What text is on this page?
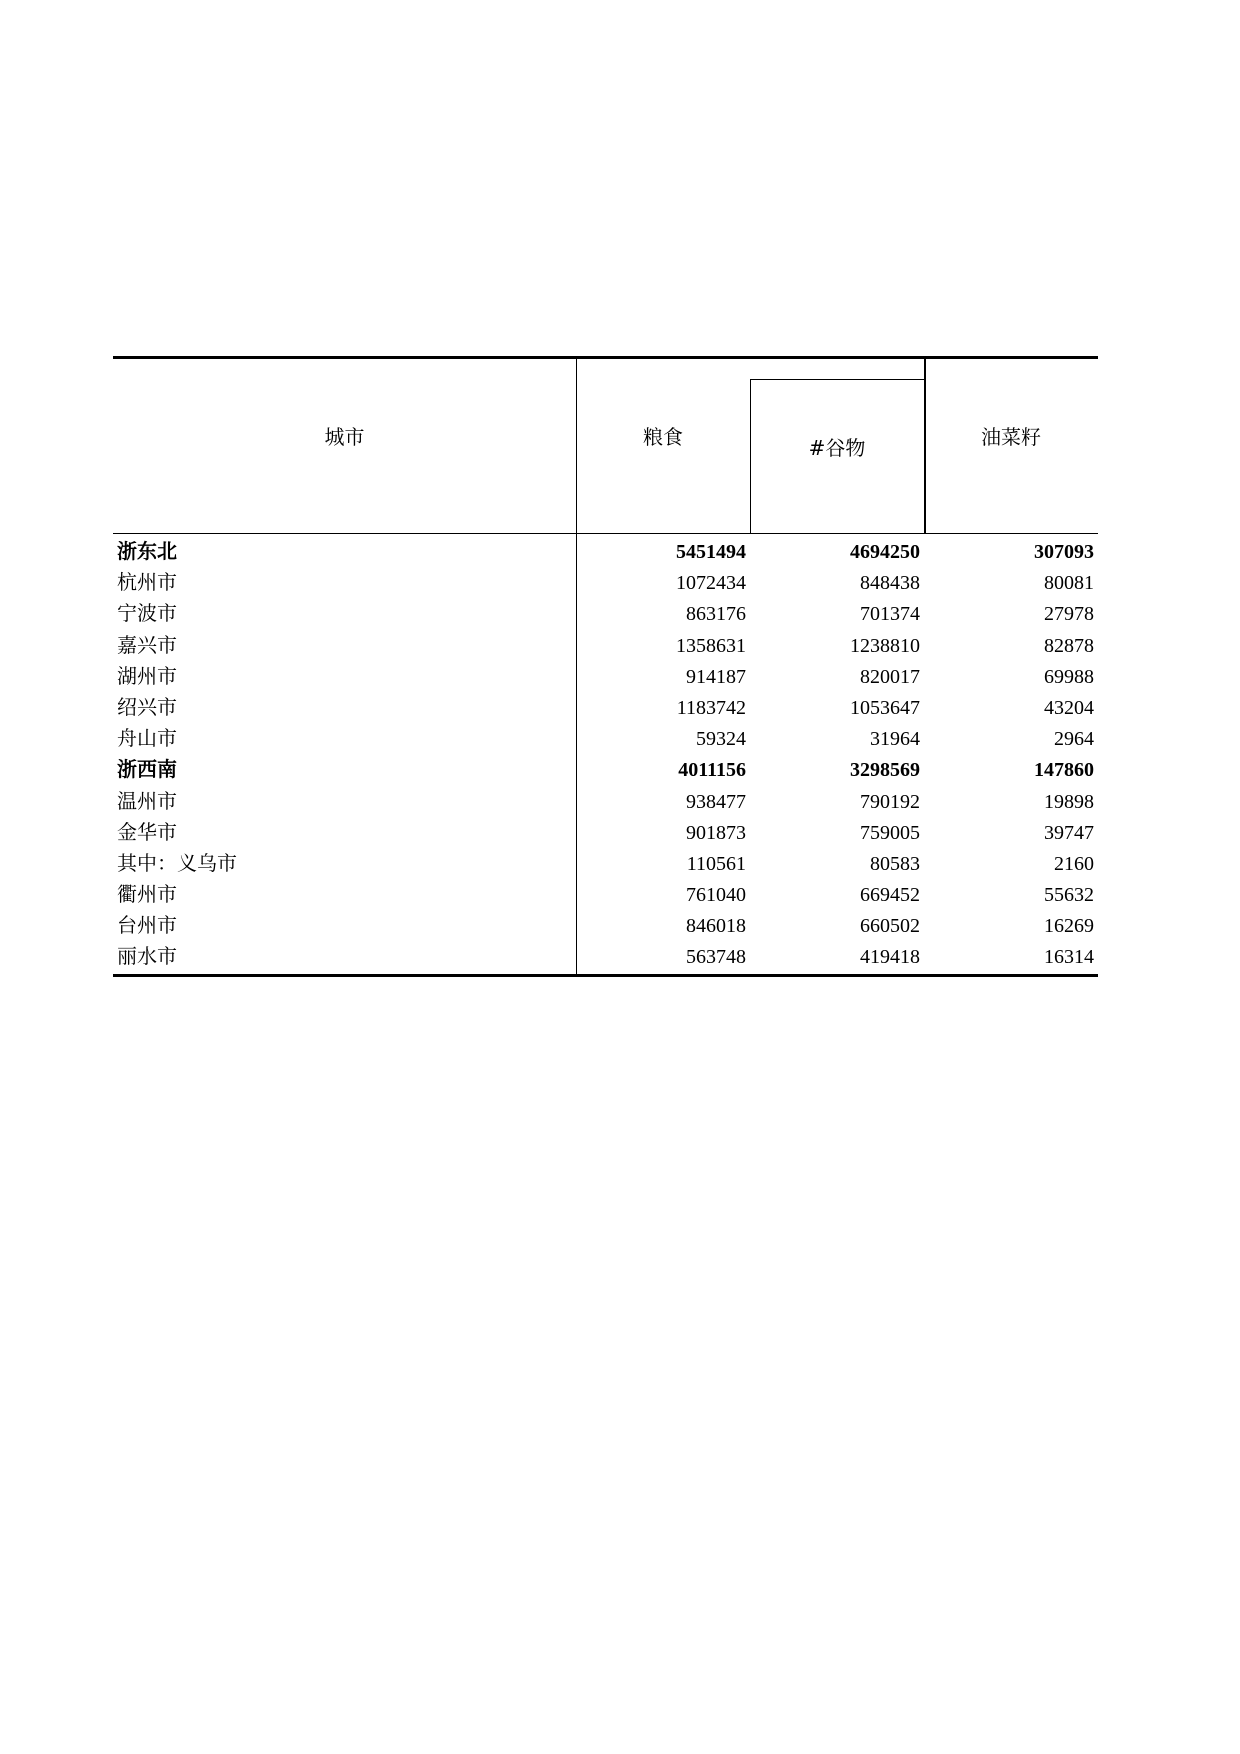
城市	粮食	#谷物	油菜籽
浙东北	5451494	4694250	307093
杭州市	1072434	848438	80081
宁波市	863176	701374	27978
嘉兴市	1358631	1238810	82878
湖州市	914187	820017	69988
绍兴市	1183742	1053647	43204
舟山市	59324	31964	2964
浙西南	4011156	3298569	147860
温州市	938477	790192	19898
金华市	901873	759005	39747
其中：义乌市	110561	80583	2160
衢州市	761040	669452	55632
台州市	846018	660502	16269
丽水市	563748	419418	16314
